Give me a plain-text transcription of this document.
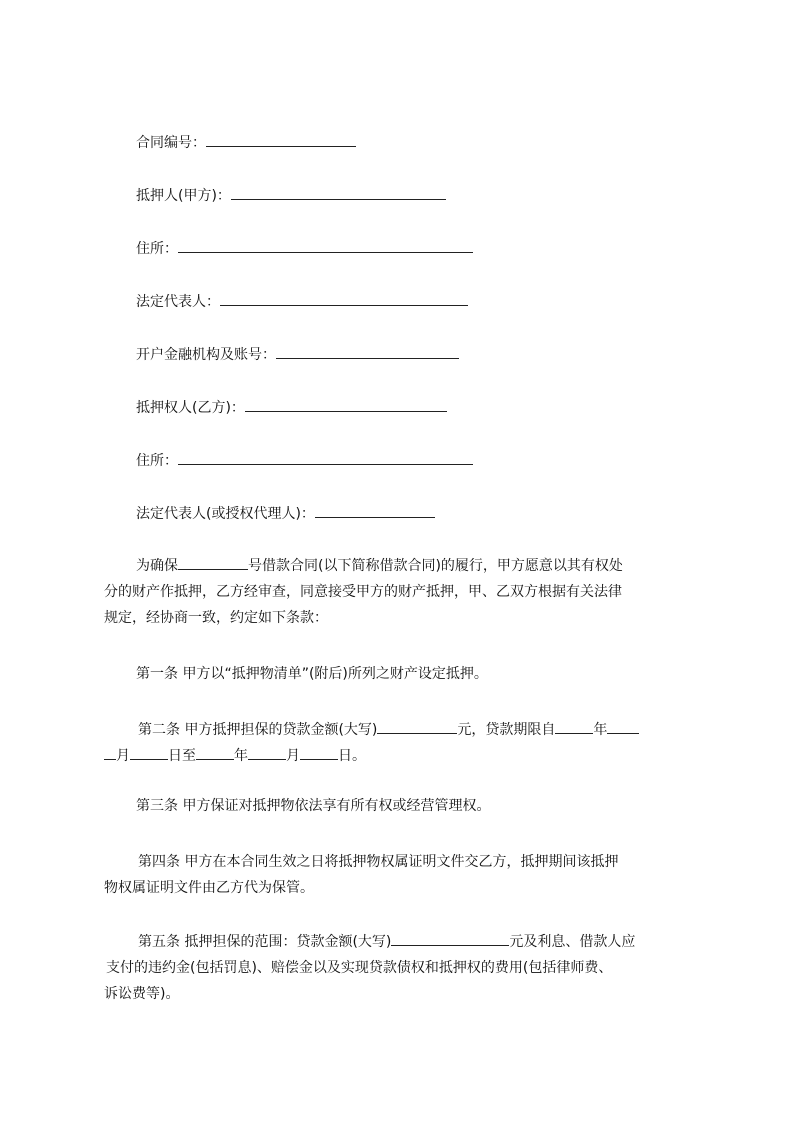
合同编号：
抵押人(甲方)：
住所：
法定代表人：
开户金融机构及账号：
抵押权人(乙方)：
住所：
法定代表人(或授权代理人)：
为确保	号借款合同(以下简称借款合同)的履行，甲方愿意以其有权处
分的财产作抵押，乙方经审查，同意接受甲方的财产抵押，甲、乙双方根据有关法律
规定，经协商一致，约定如下条款：
第一条 甲方以“抵押物清单”(附后)所列之财产设定抵押。
第二条 甲方抵押担保的贷款金额(大写)	元，贷款期限自	年
月	日至	年	月	日。
第三条 甲方保证对抵押物依法享有所有权或经营管理权。
第四条 甲方在本合同生效之日将抵押物权属证明文件交乙方，抵押期间该抵押
物权属证明文件由乙方代为保管。
第五条 抵押担保的范围：贷款金额(大写)	元及利息、借款人应
支付的违约金(包括罚息)、赔偿金以及实现贷款债权和抵押权的费用(包括律师费、
诉讼费等)。
